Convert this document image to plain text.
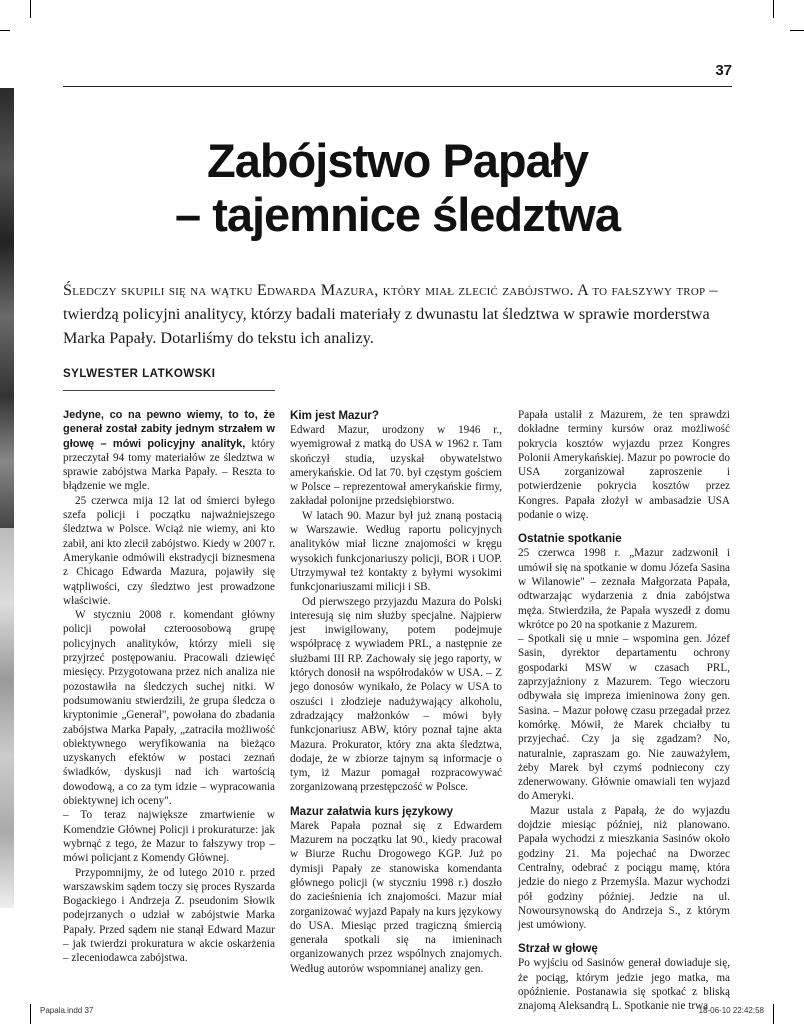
37
Zabójstwo Papały
– tajemnice śledztwa
Śledczy skupili się na wątku Edwarda Mazura, który miał zlecić zabójstwo. A to fałszywy trop – twierdzą policyjni analitycy, którzy badali materiały z dwunastu lat śledztwa w sprawie morderstwa Marka Papały. Dotarliśmy do tekstu ich analizy.
SYLWESTER LATKOWSKI

Jedyne, co na pewno wiemy, to to, że generał został zabity jednym strzałem w głowę – mówi policyjny analityk, który przeczytał 94 tomy materiałów ze śledztwa w sprawie zabójstwa Marka Papały. – Reszta to błądzenie we mgle.

25 czerwca mija 12 lat od śmierci byłego szefa policji i początku najważniejszego śledztwa w Polsce. Wciąż nie wiemy, ani kto zabił, ani kto zlecił zabójstwo. Kiedy w 2007 r. Amerykanie odmówili ekstradycji biznesmena z Chicago Edwarda Mazura, pojawiły się wątpliwości, czy śledztwo jest prowadzone właściwie.

W styczniu 2008 r. komendant główny policji powołał czteroosobową grupę policyjnych analityków, którzy mieli się przyjrzeć postępowaniu. Pracowali dziewięć miesięcy. Przygotowana przez nich analiza nie pozostawiła na śledczych suchej nitki. W podsumowaniu stwierdzili, że grupa śledcza o kryptonimie „Generał", powołana do zbadania zabójstwa Marka Papały, „zatraciła możliwość obiektywnego weryfikowania na bieżąco uzyskanych efektów w postaci zeznań świadków, dyskusji nad ich wartością dowodową, a co za tym idzie – wypracowania obiektywnej ich oceny".

– To teraz największe zmartwienie w Komendzie Głównej Policji i prokuraturze: jak wybrnąć z tego, że Mazur to fałszywy trop – mówi policjant z Komendy Głównej.

Przypomnijmy, że od lutego 2010 r. przed warszawskim sądem toczy się proces Ryszarda Bogackiego i Andrzeja Z. pseudonim Słowik podejrzanych o udział w zabójstwie Marka Papały. Przed sądem nie stanął Edward Mazur – jak twierdzi prokuratura w akcie oskarżenia – zleceniodawca zabójstwa.

Kim jest Mazur?

Edward Mazur, urodzony w 1946 r., wyemigrował z matką do USA w 1962 r. Tam skończył studia, uzyskał obywatelstwo amerykańskie. Od lat 70. był częstym gościem w Polsce – reprezentował amerykańskie firmy, zakładał polonijne przedsiębiorstwo.

W latach 90. Mazur był już znaną postacią w Warszawie. Według raportu policyjnych analityków miał liczne znajomości w kręgu wysokich funkcjonariuszy policji, BOR i UOP. Utrzymywał też kontakty z byłymi wysokimi funkcjonariuszami milicji i SB.

Od pierwszego przyjazdu Mazura do Polski interesują się nim służby specjalne. Najpierw jest inwigilowany, potem podejmuje współpracę z wywiadem PRL, a następnie ze służbami III RP. Zachowały się jego raporty, w których donosił na współrodaków w USA. – Z jego donosów wynikało, że Polacy w USA to oszuści i złodzieje nadużywający alkoholu, zdradzający małżonków – mówi były funkcjonariusz ABW, który poznał tajne akta Mazura. Prokurator, który zna akta śledztwa, dodaje, że w zbiorze tajnym są informacje o tym, iż Mazur pomagał rozpracowywać zorganizowaną przestępczość w Polsce.

Mazur załatwia kurs językowy

Marek Papała poznał się z Edwardem Mazurem na początku lat 90., kiedy pracował w Biurze Ruchu Drogowego KGP. Już po dymisji Papały ze stanowiska komendanta głównego policji (w styczniu 1998 r.) doszło do zacieśnienia ich znajomości. Mazur miał zorganizować wyjazd Papały na kurs językowy do USA. Miesiąc przed tragiczną śmiercią generała spotkali się na imieninach organizowanych przez wspólnych znajomych. Według autorów wspomnianej analizy gen.

Papała ustalił z Mazurem, że ten sprawdzi dokładne terminy kursów oraz możliwość pokrycia kosztów wyjazdu przez Kongres Polonii Amerykańskiej. Mazur po powrocie do USA zorganizował zaproszenie i potwierdzenie pokrycia kosztów przez Kongres. Papała złożył w ambasadzie USA podanie o wizę.

Ostatnie spotkanie

25 czerwca 1998 r. „Mazur zadzwonił i umówił się na spotkanie w domu Józefa Sasina w Wilanowie" – zeznała Małgorzata Papała, odtwarzając wydarzenia z dnia zabójstwa męża. Stwierdziła, że Papała wyszedł z domu wkrótce po 20 na spotkanie z Mazurem.

– Spotkali się u mnie – wspomina gen. Józef Sasin, dyrektor departamentu ochrony gospodarki MSW w czasach PRL, zaprzyjaźniony z Mazurem. Tego wieczoru odbywała się impreza imieninowa żony gen. Sasina. – Mazur połowę czasu przegadał przez komórkę. Mówił, że Marek chciałby tu przyjechać. Czy ja się zgadzam? No, naturalnie, zapraszam go. Nie zauważyłem, żeby Marek był czymś podniecony czy zdenerwowany. Głównie omawiali ten wyjazd do Ameryki.

Mazur ustala z Papałą, że do wyjazdu dojdzie miesiąc później, niż planowano. Papała wychodzi z mieszkania Sasinów około godziny 21. Ma pojechać na Dworzec Centralny, odebrać z pociągu mamę, która jedzie do niego z Przemyśla. Mazur wychodzi pół godziny później. Jedzie na ul. Nowoursynowską do Andrzeja S., z którym jest umówiony.

Strzał w głowę

Po wyjściu od Sasinów generał dowiaduje się, że pociąg, którym jedzie jego matka, ma opóźnienie. Postanawia się spotkać z bliską znajomą Aleksandrą L. Spotkanie nie trwa

Papala.indd 37	18-06-10 22:42:58
